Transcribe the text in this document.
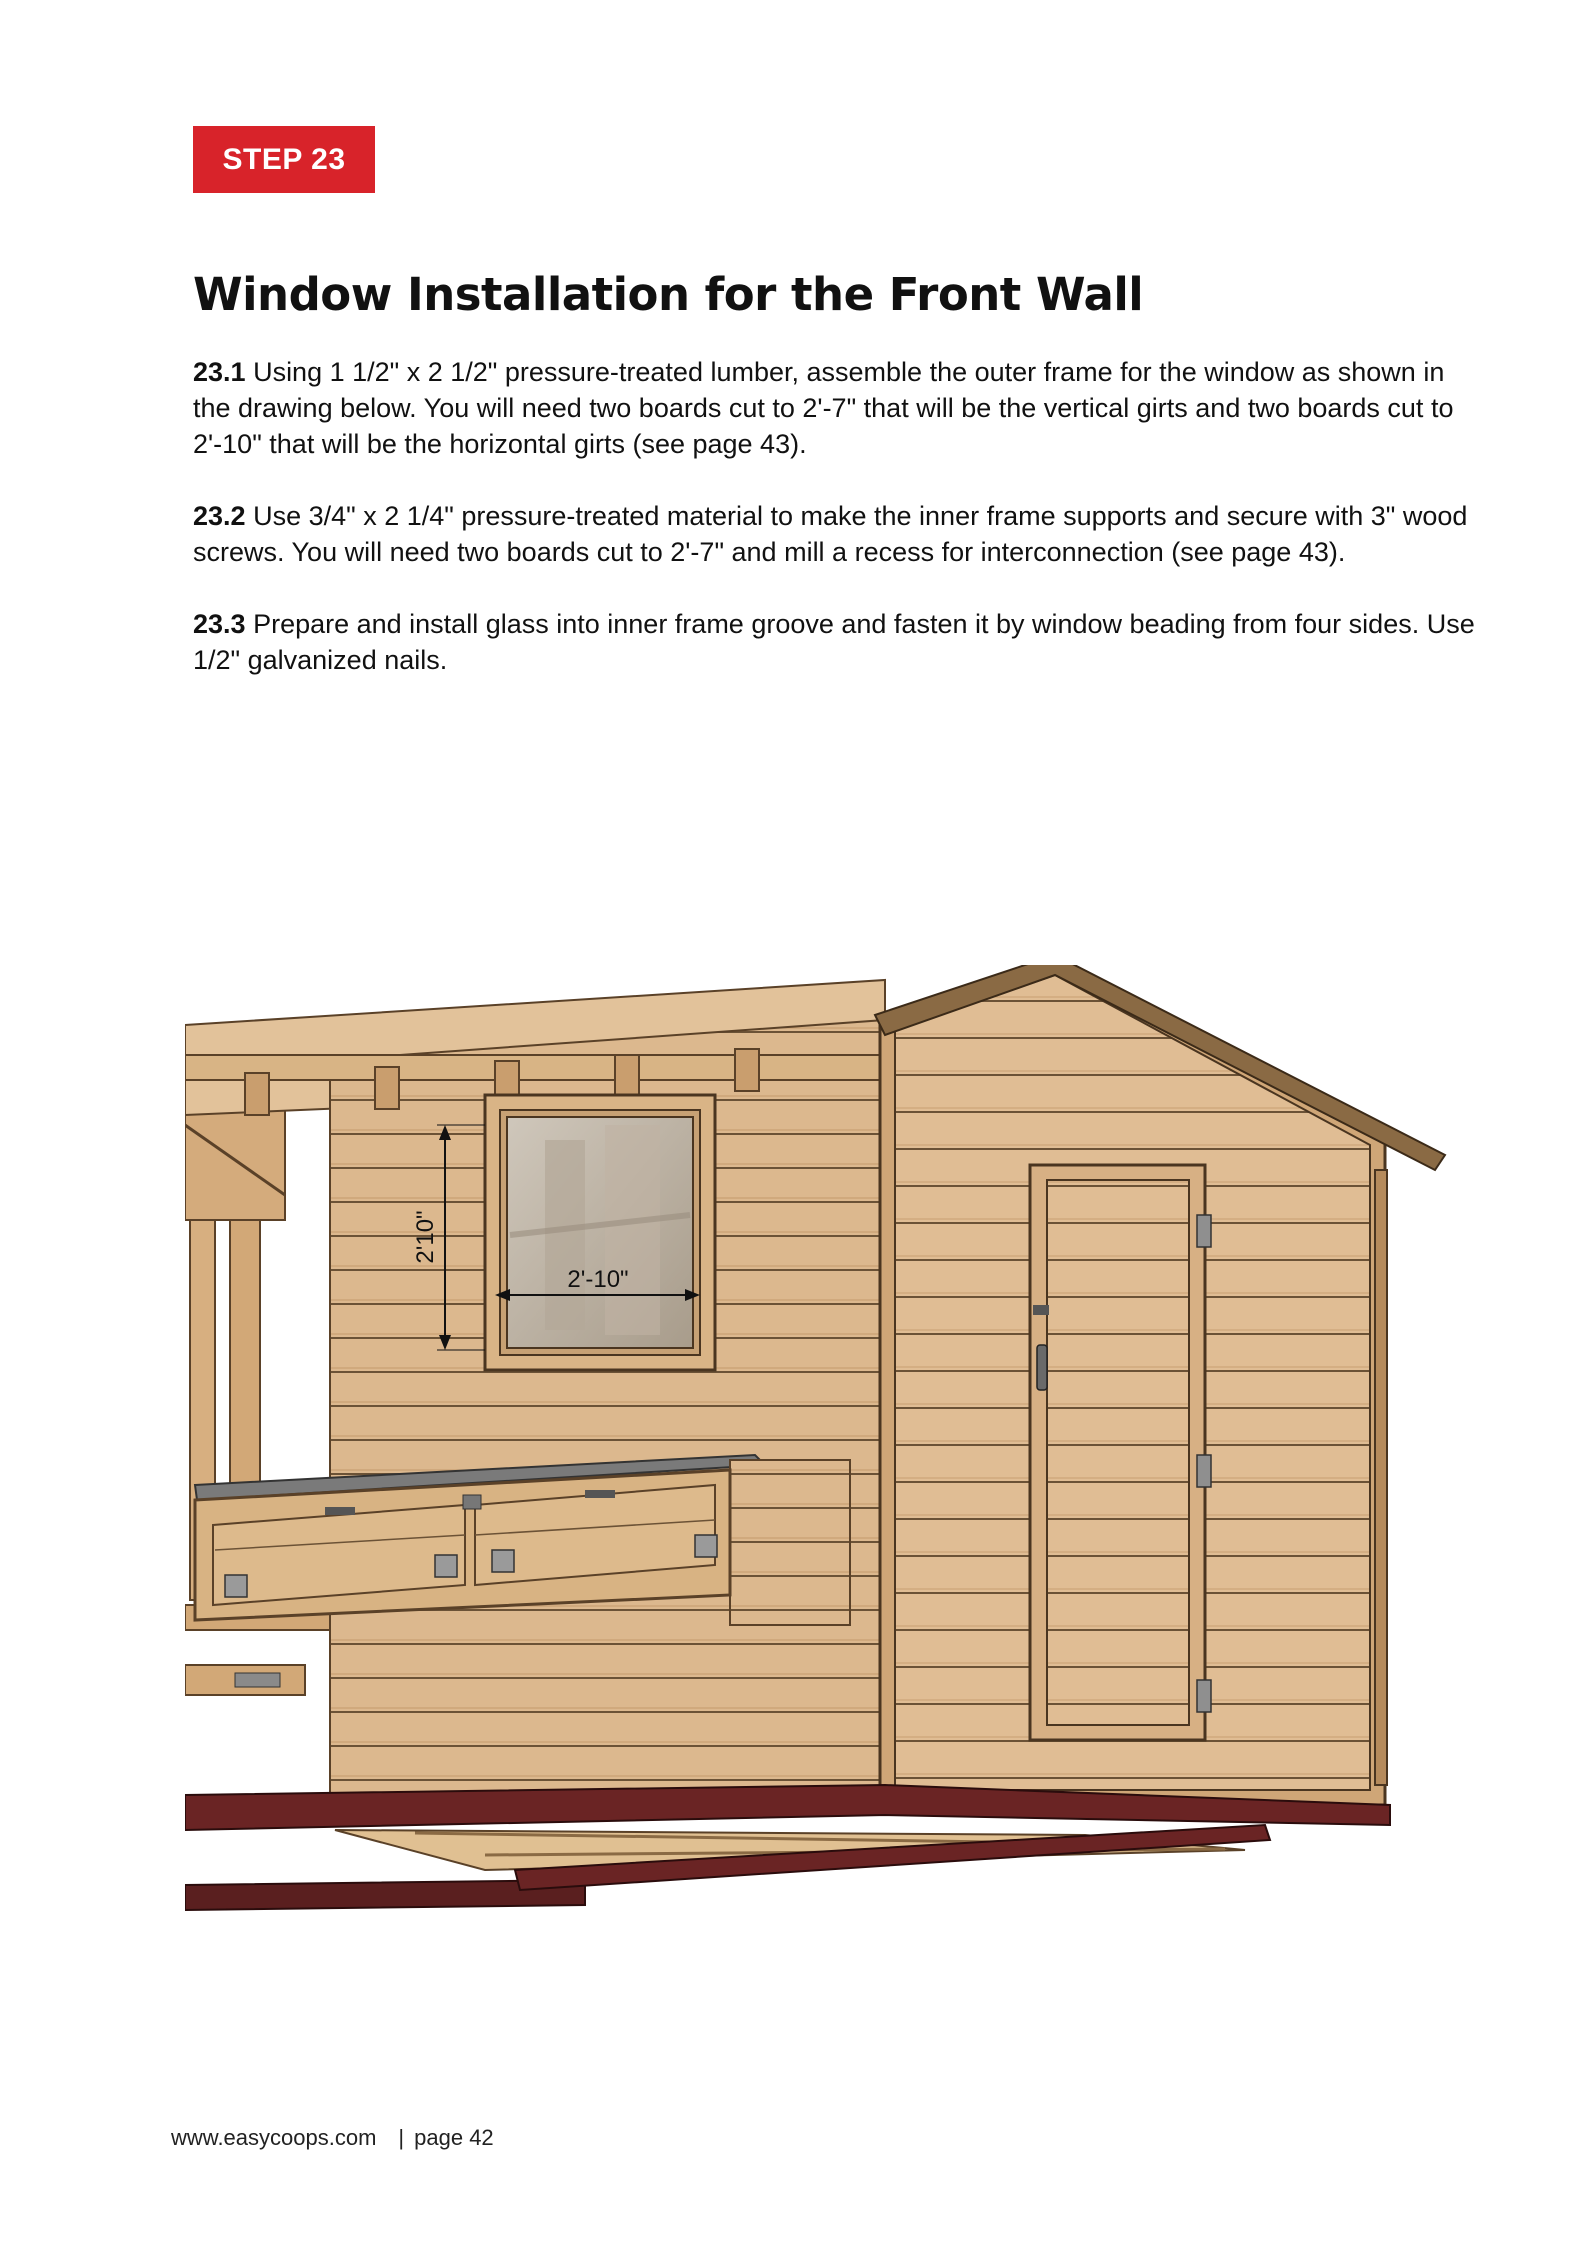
STEP 23
Window Installation for the Front Wall

23.1 Using 1 1/2" x 2 1/2" pressure-treated lumber, assemble the outer frame for the window as shown in the drawing below. You will need two boards cut to 2'-7" that will be the vertical girts and two boards cut to 2'-10" that will be the horizontal girts (see page 43).

23.2 Use 3/4" x 2 1/4" pressure-treated material to make the inner frame supports and secure with 3" wood screws. You will need two boards cut to 2'-7" and mill a recess for interconnection (see page 43).

23.3 Prepare and install glass into inner frame groove and fasten it by window beading from four sides. Use 1/2" galvanized nails.

2'10"
2'-10"
www.easycoops.com | page 42
